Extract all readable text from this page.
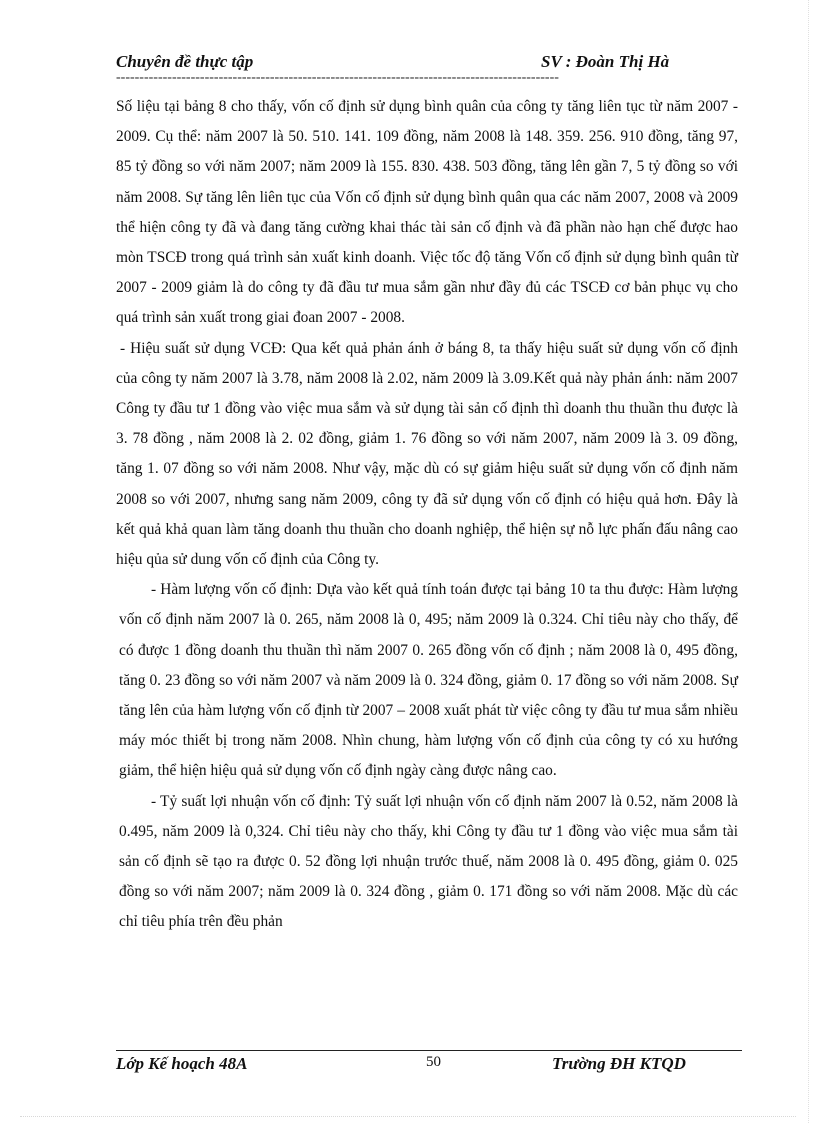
Chuyên đề thực tập	SV : Đoàn Thị Hà
-----------------------------------------------------------------------------------------------

Số liệu tại bảng 8 cho thấy, vốn cố định sử dụng bình quân của công ty tăng liên tục từ năm 2007 - 2009. Cụ thể: năm 2007 là 50. 510. 141. 109 đồng, năm 2008 là 148. 359. 256. 910 đồng, tăng 97, 85 tỷ đồng so với năm 2007; năm 2009 là 155. 830. 438. 503 đồng, tăng lên gần 7, 5 tỷ đồng so với năm 2008. Sự tăng lên liên tục của Vốn cố định sử dụng bình quân qua các năm 2007, 2008 và 2009 thể hiện công ty đã và đang tăng cường khai thác tài sản cố định và đã phần nào hạn chế được hao mòn TSCĐ trong quá trình sản xuất kinh doanh. Việc tốc độ tăng Vốn cố định sử dụng bình quân từ 2007 - 2009 giảm là do công ty đã đầu tư mua sắm gần như đầy đủ các TSCĐ cơ bản phục vụ cho quá trình sản xuất trong giai đoan 2007 - 2008.

- Hiệu suất sử dụng VCĐ: Qua kết quả phản ánh ở báng 8, ta thấy hiệu suất sử dụng vốn cố định của công ty năm 2007 là 3.78, năm 2008 là 2.02, năm 2009 là 3.09.Kết quả này phản ánh: năm 2007 Công ty đầu tư 1 đồng vào việc mua sắm và sử dụng tài sản cố định thì doanh thu thuần thu được là 3. 78 đồng , năm 2008 là 2. 02 đồng, giảm 1. 76 đồng so với năm 2007, năm 2009 là 3. 09 đồng, tăng 1. 07 đồng so với năm 2008. Như vậy, mặc dù có sự giảm hiệu suất sử dụng vốn cố định năm 2008 so với 2007, nhưng sang năm 2009, công ty đã sử dụng vốn cố định có hiệu quả hơn. Đây là kết quả khả quan làm tăng doanh thu thuần cho doanh nghiệp, thể hiện sự nỗ lực phấn đấu nâng cao hiệu qủa sử dung vốn cố định của Công ty.

- Hàm lượng vốn cố định: Dựa vào kết quả tính toán được tại bảng 10 ta thu được: Hàm lượng vốn cố định năm 2007 là 0. 265, năm 2008 là 0, 495; năm 2009 là 0.324. Chỉ tiêu này cho thấy, để có được 1 đồng doanh thu thuần thì năm 2007 0. 265 đồng vốn cố định ; năm 2008 là 0, 495 đồng, tăng 0. 23 đồng so với năm 2007 và năm 2009 là 0. 324 đồng, giảm 0. 17 đồng so với năm 2008. Sự tăng lên của hàm lượng vốn cố định từ 2007 – 2008 xuất phát từ việc công ty đầu tư mua sắm nhiều máy móc thiết bị trong năm 2008. Nhìn chung, hàm lượng vốn cố định của công ty có xu hướng giảm, thể hiện hiệu quả sử dụng vốn cố định ngày càng được nâng cao.

- Tỷ suất lợi nhuận vốn cố định: Tỷ suất lợi nhuận vốn cố định năm 2007 là 0.52, năm 2008 là 0.495, năm 2009 là 0,324. Chỉ tiêu này cho thấy, khi Công ty đầu tư 1 đồng vào việc mua sắm tài sản cố định sẽ tạo ra được 0. 52 đồng lợi nhuận trước thuế, năm 2008 là 0. 495 đồng, giảm 0. 025 đồng so với năm 2007; năm 2009 là 0. 324 đồng , giảm 0. 171 đồng so với năm 2008. Mặc dù các chỉ tiêu phía trên đều phản

Lớp Kế hoạch 48A	50	Trường ĐH KTQD
